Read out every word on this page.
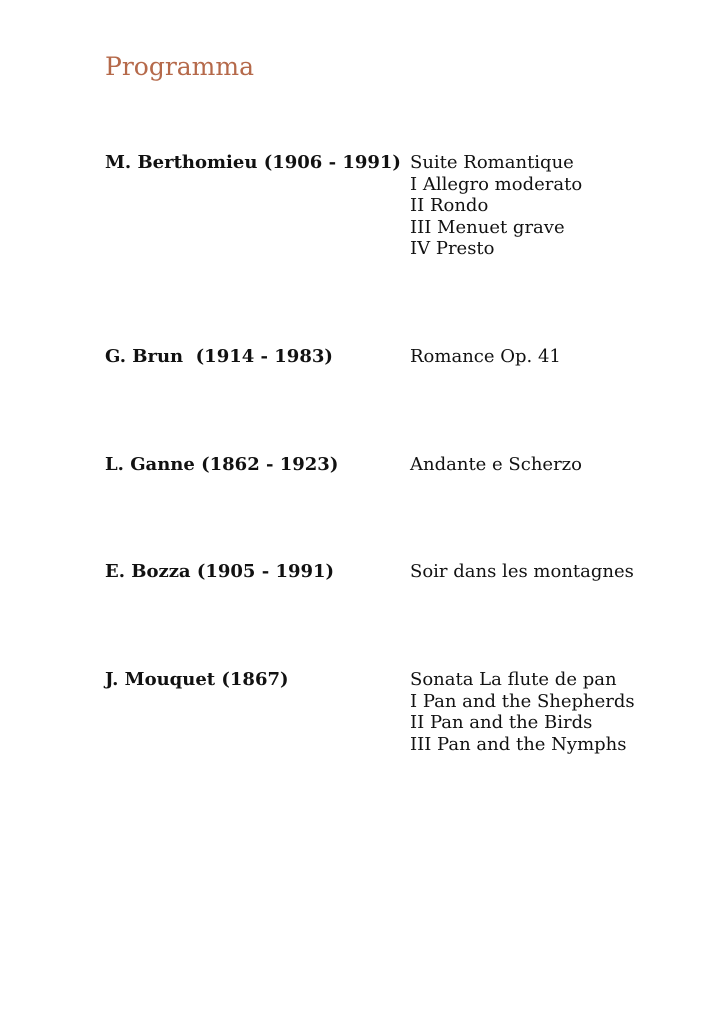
Programma
M. Berthomieu (1906 - 1991) Suite Romantique
I Allegro moderato
II Rondo
III Menuet grave
IV Presto
G. Brun  (1914 - 1983)	Romance Op. 41
L. Ganne (1862 - 1923)	Andante e Scherzo
E. Bozza (1905 - 1991)	Soir dans les montagnes
J. Mouquet (1867)	Sonata La flute de pan
I Pan and the Shepherds
II Pan and the Birds
III Pan and the Nymphs
